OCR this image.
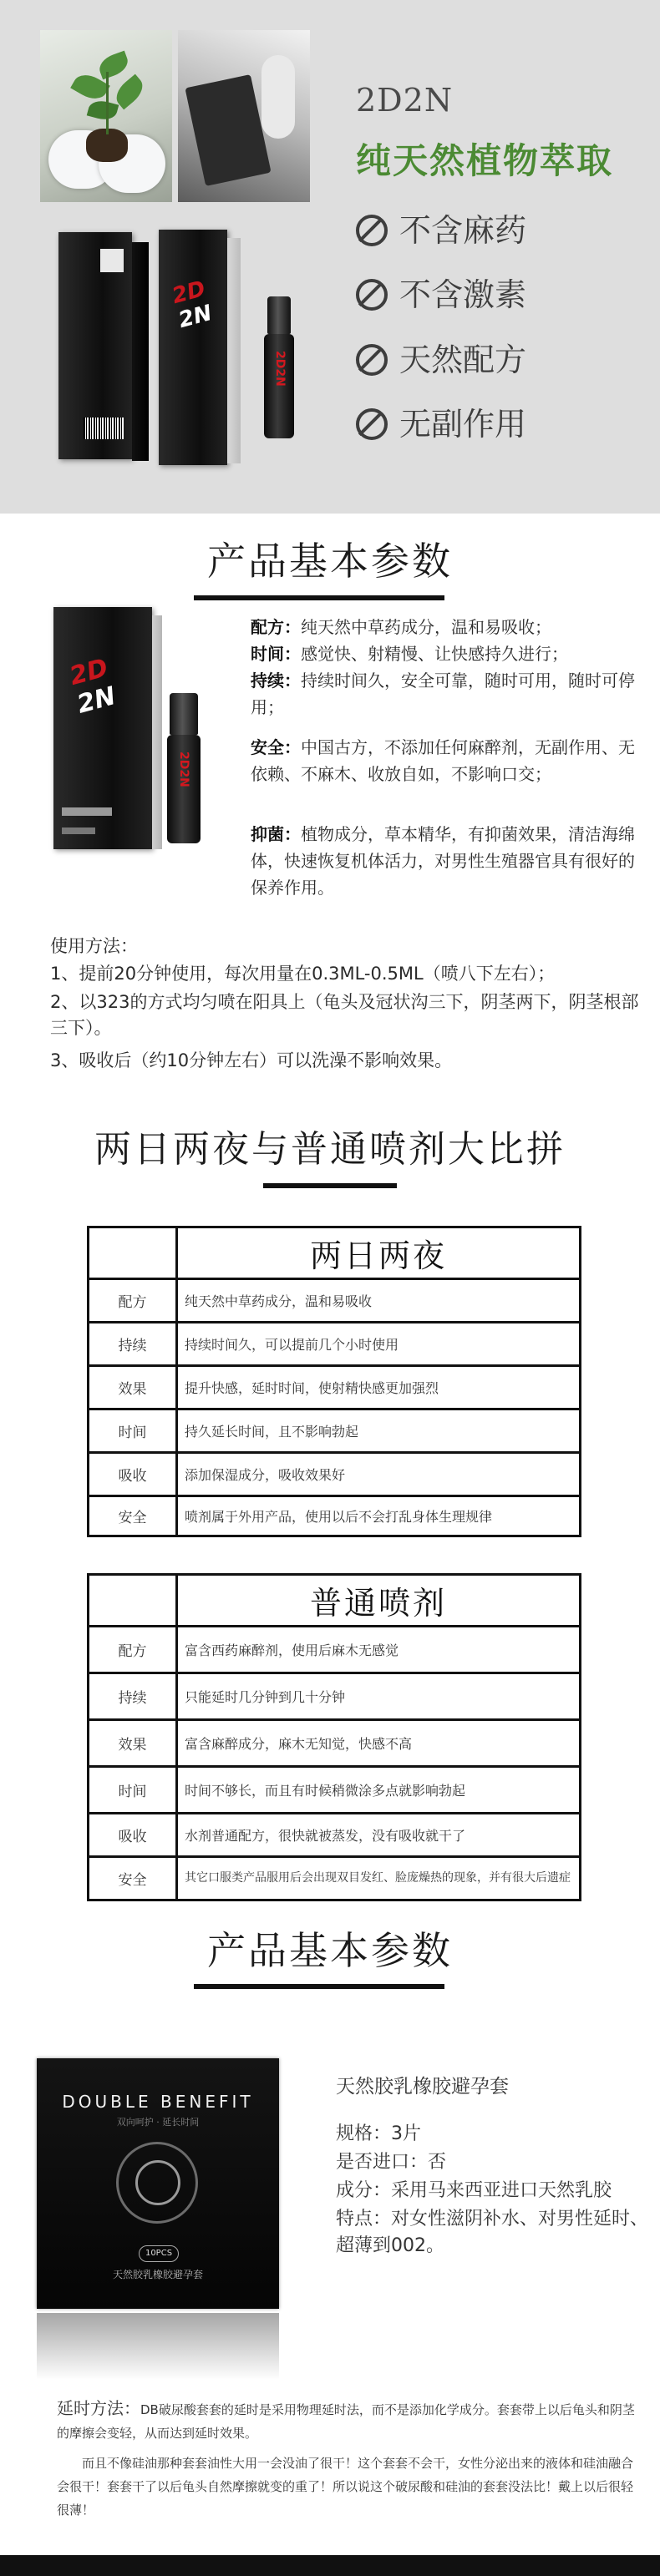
2D2N
纯天然植物萃取
不含麻药
不含激素
天然配方
无副作用
2D
2N
2D2N
产品基本参数
2D
2N
2D2N
配方：纯天然中草药成分，温和易吸收；
时间：感觉快、射精慢、让快感持久进行；
持续：持续时间久，安全可靠，随时可用，随时可停用；
安全：中国古方，不添加任何麻醉剂，无副作用、无依赖、不麻木、收放自如，不影响口交；
抑菌：植物成分，草本精华，有抑菌效果，清洁海绵体，快速恢复机体活力，对男性生殖器官具有很好的保养作用。
使用方法：
1、提前20分钟使用，每次用量在0.3ML-0.5ML（喷八下左右）；
2、以323的方式均匀喷在阳具上（龟头及冠状沟三下，阴茎两下，阴茎根部三下）。
3、吸收后（约10分钟左右）可以洗澡不影响效果。
两日两夜与普通喷剂大比拼
	两日两夜
配方	纯天然中草药成分，温和易吸收
持续	持续时间久，可以提前几个小时使用
效果	提升快感，延时时间，使射精快感更加强烈
时间	持久延长时间，且不影响勃起
吸收	添加保湿成分，吸收效果好
安全	喷剂属于外用产品，使用以后不会打乱身体生理规律
	普通喷剂
配方	富含西药麻醉剂，使用后麻木无感觉
持续	只能延时几分钟到几十分钟
效果	富含麻醉成分，麻木无知觉，快感不高
时间	时间不够长，而且有时候稍微涂多点就影响勃起
吸收	水剂普通配方，很快就被蒸发，没有吸收就干了
安全	其它口服类产品服用后会出现双目发红、脸庞燥热的现象，并有很大后遗症
产品基本参数
DOUBLE BENEFIT
双向呵护 · 延长时间
10PCS
天然胶乳橡胶避孕套
天然胶乳橡胶避孕套
规格：3片
是否进口：否
成分：采用马来西亚进口天然乳胶
特点：对女性滋阴补水、对男性延时、超薄到002。
延时方法：DB破尿酸套套的延时是采用物理延时法，而不是添加化学成分。套套带上以后龟头和阴茎的摩擦会变轻，从而达到延时效果。
而且不像硅油那种套套油性大用一会没油了很干！这个套套不会干，女性分泌出来的液体和硅油融合会很干！套套干了以后龟头自然摩擦就变的重了！所以说这个破尿酸和硅油的套套没法比！戴上以后很轻很薄！
